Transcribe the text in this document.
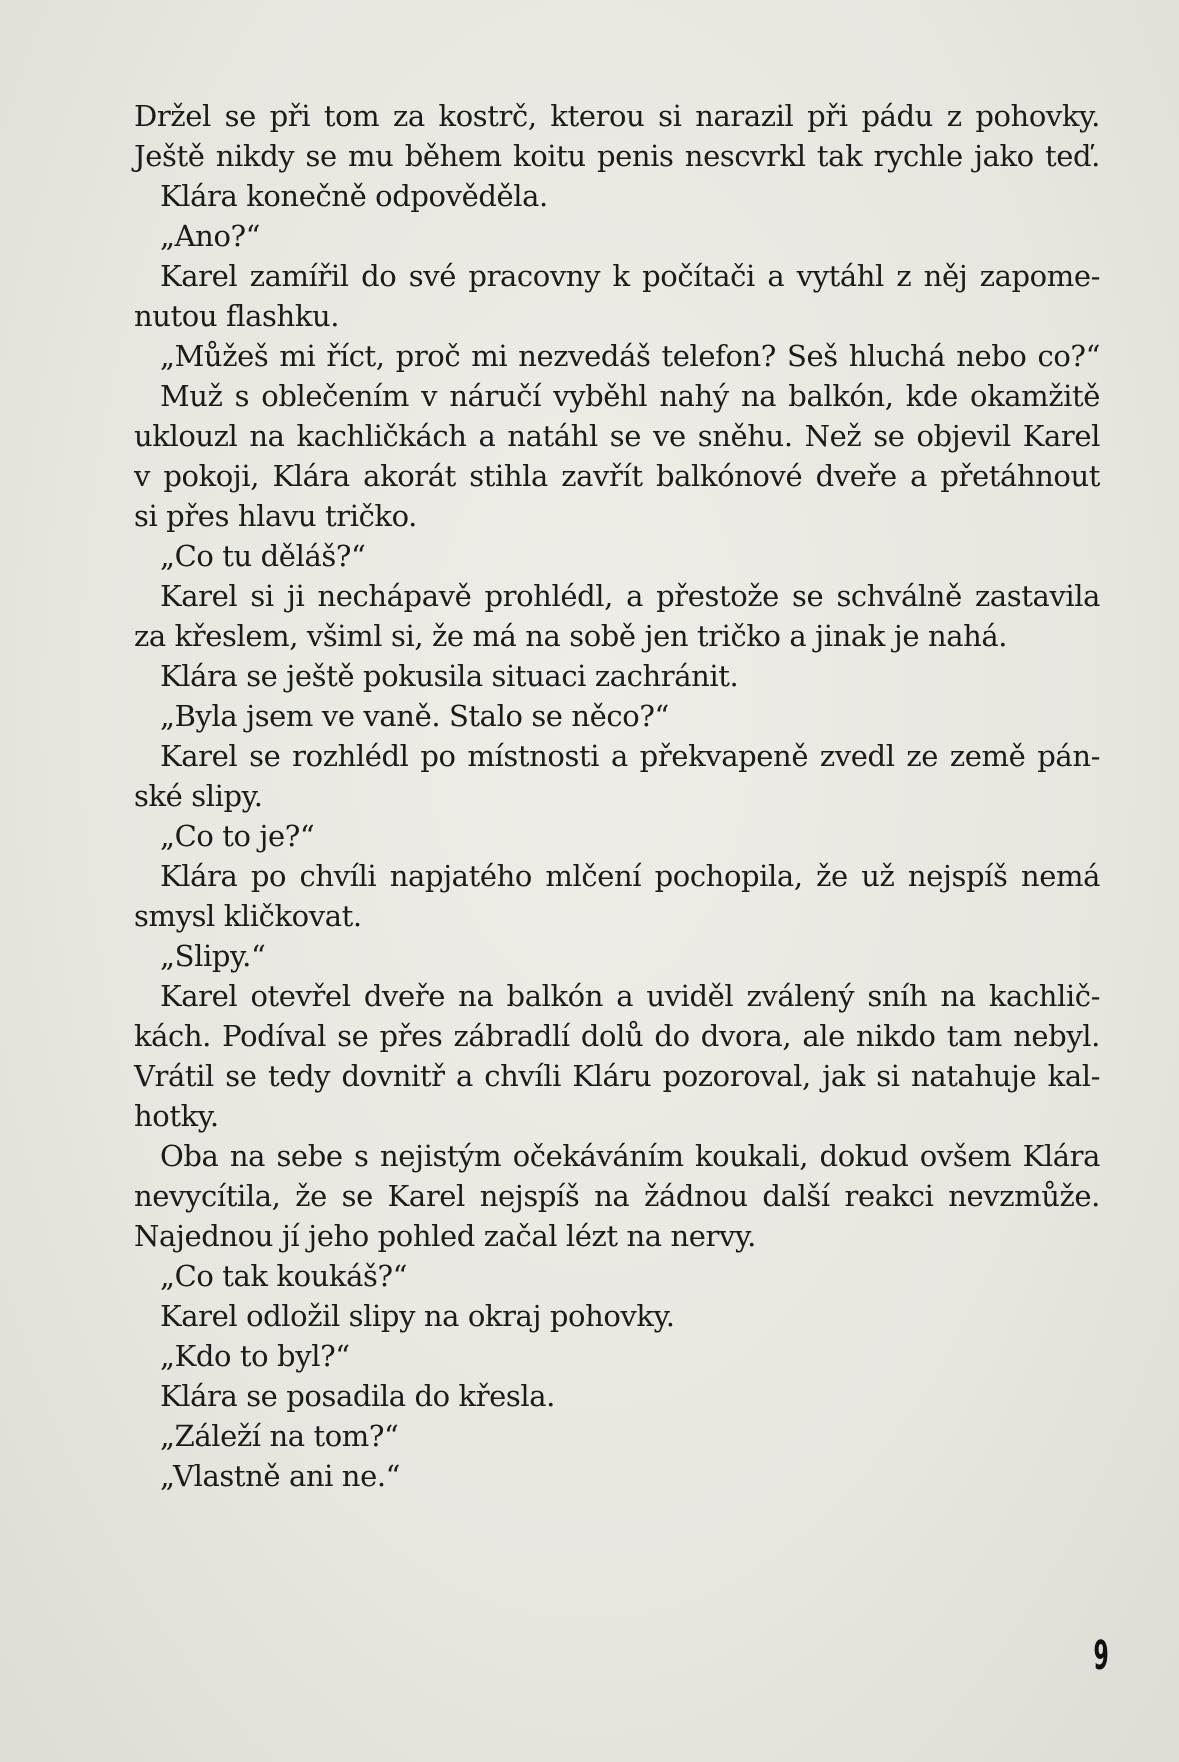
Držel se při tom za kostrč, kterou si narazil při pádu z pohovky.
Ještě nikdy se mu během koitu penis nescvrkl tak rychle jako teď.
Klára konečně odpověděla.
„Ano?“
Karel zamířil do své pracovny k počítači a vytáhl z něj zapome-
nutou flashku.
„Můžeš mi říct, proč mi nezvedáš telefon? Seš hluchá nebo co?“
Muž s oblečením v náručí vyběhl nahý na balkón, kde okamžitě
uklouzl na kachličkách a natáhl se ve sněhu. Než se objevil Karel
v pokoji, Klára akorát stihla zavřít balkónové dveře a přetáhnout
si přes hlavu tričko.
„Co tu děláš?“
Karel si ji nechápavě prohlédl, a přestože se schválně zastavila
za křeslem, všiml si, že má na sobě jen tričko a jinak je nahá.
Klára se ještě pokusila situaci zachránit.
„Byla jsem ve vaně. Stalo se něco?“
Karel se rozhlédl po místnosti a překvapeně zvedl ze země pán-
ské slipy.
„Co to je?“
Klára po chvíli napjatého mlčení pochopila, že už nejspíš nemá
smysl kličkovat.
„Slipy.“
Karel otevřel dveře na balkón a uviděl zválený sníh na kachlič-
kách. Podíval se přes zábradlí dolů do dvora, ale nikdo tam nebyl.
Vrátil se tedy dovnitř a chvíli Kláru pozoroval, jak si natahuje kal-
hotky.
Oba na sebe s nejistým očekáváním koukali, dokud ovšem Klára
nevycítila, že se Karel nejspíš na žádnou další reakci nevzmůže.
Najednou jí jeho pohled začal lézt na nervy.
„Co tak koukáš?“
Karel odložil slipy na okraj pohovky.
„Kdo to byl?“
Klára se posadila do křesla.
„Záleží na tom?“
„Vlastně ani ne.“
9
